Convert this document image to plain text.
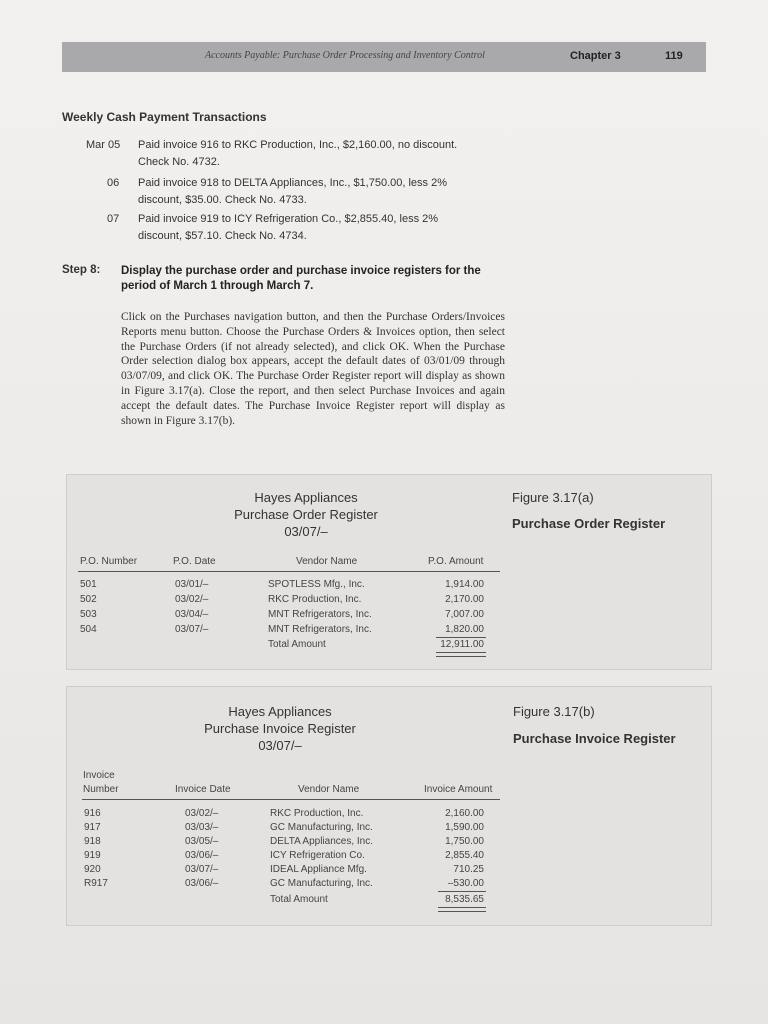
Accounts Payable: Purchase Order Processing and Inventory Control	Chapter 3	119
Weekly Cash Payment Transactions
Mar 05 Paid invoice 916 to RKC Production, Inc., $2,160.00, no discount.
Check No. 4732.
06 Paid invoice 918 to DELTA Appliances, Inc., $1,750.00, less 2%
discount, $35.00. Check No. 4733.
07 Paid invoice 919 to ICY Refrigeration Co., $2,855.40, less 2%
discount, $57.10. Check No. 4734.
Step 8: Display the purchase order and purchase invoice registers for the period of March 1 through March 7.
Click on the Purchases navigation button, and then the Purchase Orders/Invoices Reports menu button. Choose the Purchase Orders & Invoices option, then select the Purchase Orders (if not already selected), and click OK. When the Purchase Order selection dialog box appears, accept the default dates of 03/01/09 through 03/07/09, and click OK. The Purchase Order Register report will display as shown in Figure 3.17(a). Close the report, and then select Purchase Invoices and again accept the default dates. The Purchase Invoice Register report will display as shown in Figure 3.17(b).
Hayes Appliances
Purchase Order Register
03/07/–
Figure 3.17(a)
Purchase Order Register
P.O. Number	P.O. Date	Vendor Name	P.O. Amount
501	03/01/–	SPOTLESS Mfg., Inc.	1,914.00
502	03/02/–	RKC Production, Inc.	2,170.00
503	03/04/–	MNT Refrigerators, Inc.	7,007.00
504	03/07/–	MNT Refrigerators, Inc.	1,820.00
Total Amount	12,911.00
Hayes Appliances
Purchase Invoice Register
03/07/–
Figure 3.17(b)
Purchase Invoice Register
Invoice
Number	Invoice Date	Vendor Name	Invoice Amount
916	03/02/–	RKC Production, Inc.	2,160.00
917	03/03/–	GC Manufacturing, Inc.	1,590.00
918	03/05/–	DELTA Appliances, Inc.	1,750.00
919	03/06/–	ICY Refrigeration Co.	2,855.40
920	03/07/–	IDEAL Appliance Mfg.	710.25
R917	03/06/–	GC Manufacturing, Inc.	–530.00
Total Amount	8,535.65
